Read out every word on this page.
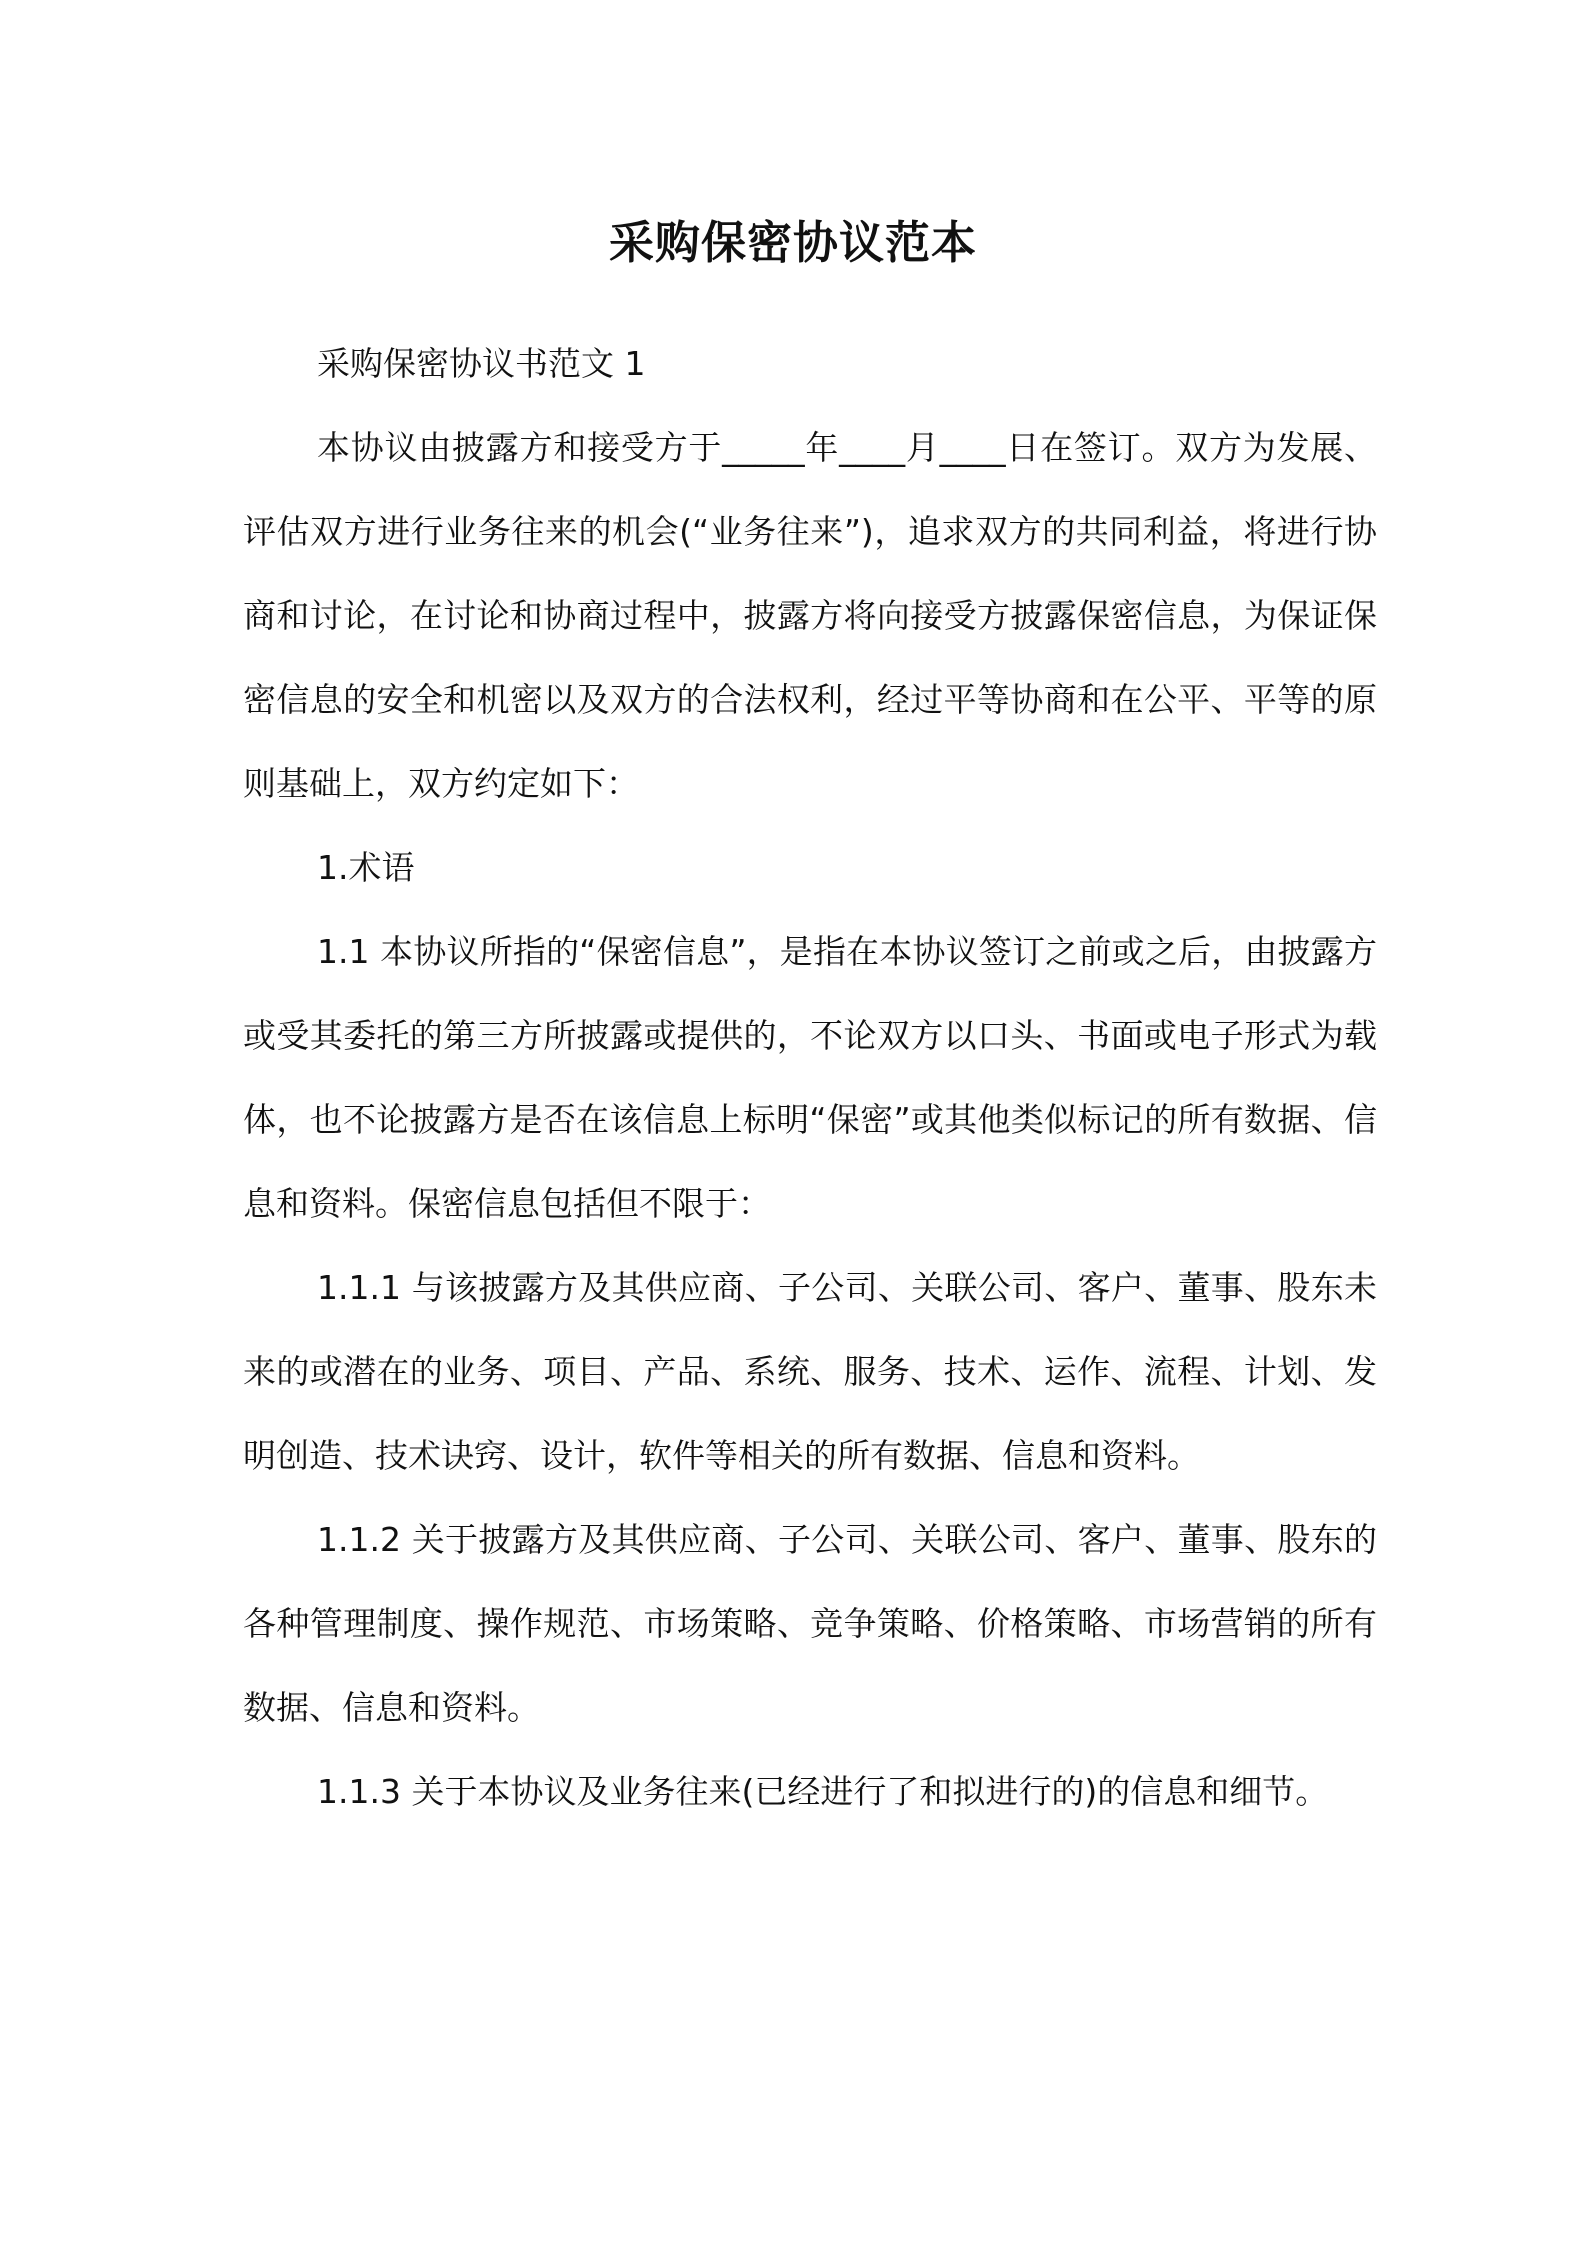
采购保密协议范本

采购保密协议书范文 1

本协议由披露方和接受方于_____年____月____日在签订。双方为发展、评估双方进行业务往来的机会(“业务往来”)，追求双方的共同利益，将进行协商和讨论，在讨论和协商过程中，披露方将向接受方披露保密信息，为保证保密信息的安全和机密以及双方的合法权利，经过平等协商和在公平、平等的原则基础上，双方约定如下：

1.术语

1.1 本协议所指的“保密信息”，是指在本协议签订之前或之后，由披露方或受其委托的第三方所披露或提供的，不论双方以口头、书面或电子形式为载体，也不论披露方是否在该信息上标明“保密”或其他类似标记的所有数据、信息和资料。保密信息包括但不限于：

1.1.1 与该披露方及其供应商、子公司、关联公司、客户、董事、股东未来的或潜在的业务、项目、产品、系统、服务、技术、运作、流程、计划、发明创造、技术诀窍、设计，软件等相关的所有数据、信息和资料。

1.1.2 关于披露方及其供应商、子公司、关联公司、客户、董事、股东的各种管理制度、操作规范、市场策略、竞争策略、价格策略、市场营销的所有数据、信息和资料。

1.1.3 关于本协议及业务往来(已经进行了和拟进行的)的信息和细节。
